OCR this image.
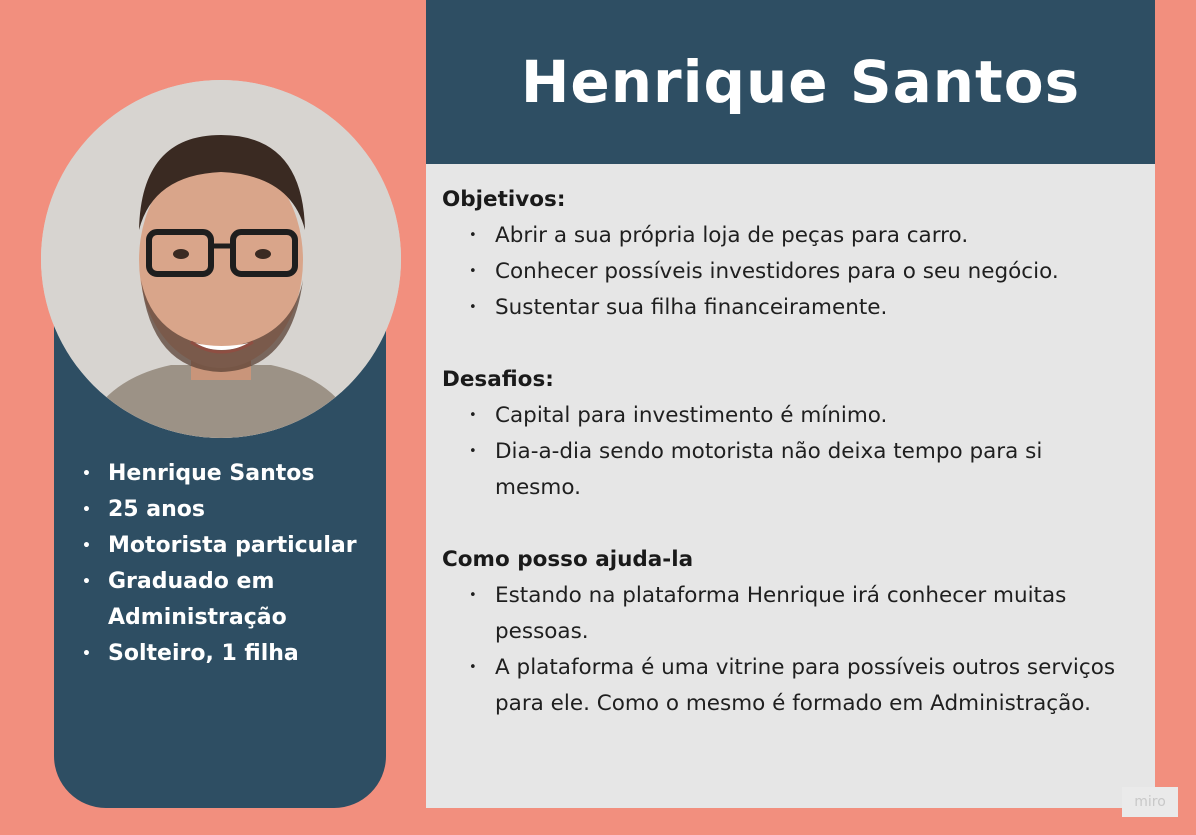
• Henrique Santos
• 25 anos
• Motorista particular
• Graduado em Administração
• Solteiro, 1 filha
Henrique Santos
Objetivos:
• Abrir a sua própria loja de peças para carro.
• Conhecer possíveis investidores para o seu negócio.
• Sustentar sua filha financeiramente.
Desafios:
• Capital para investimento é mínimo.
• Dia-a-dia sendo motorista não deixa tempo para si mesmo.
Como posso ajuda-la
• Estando na plataforma Henrique irá conhecer muitas pessoas.
• A plataforma é uma vitrine para possíveis outros serviços para ele. Como o mesmo é formado em Administração.
miro
